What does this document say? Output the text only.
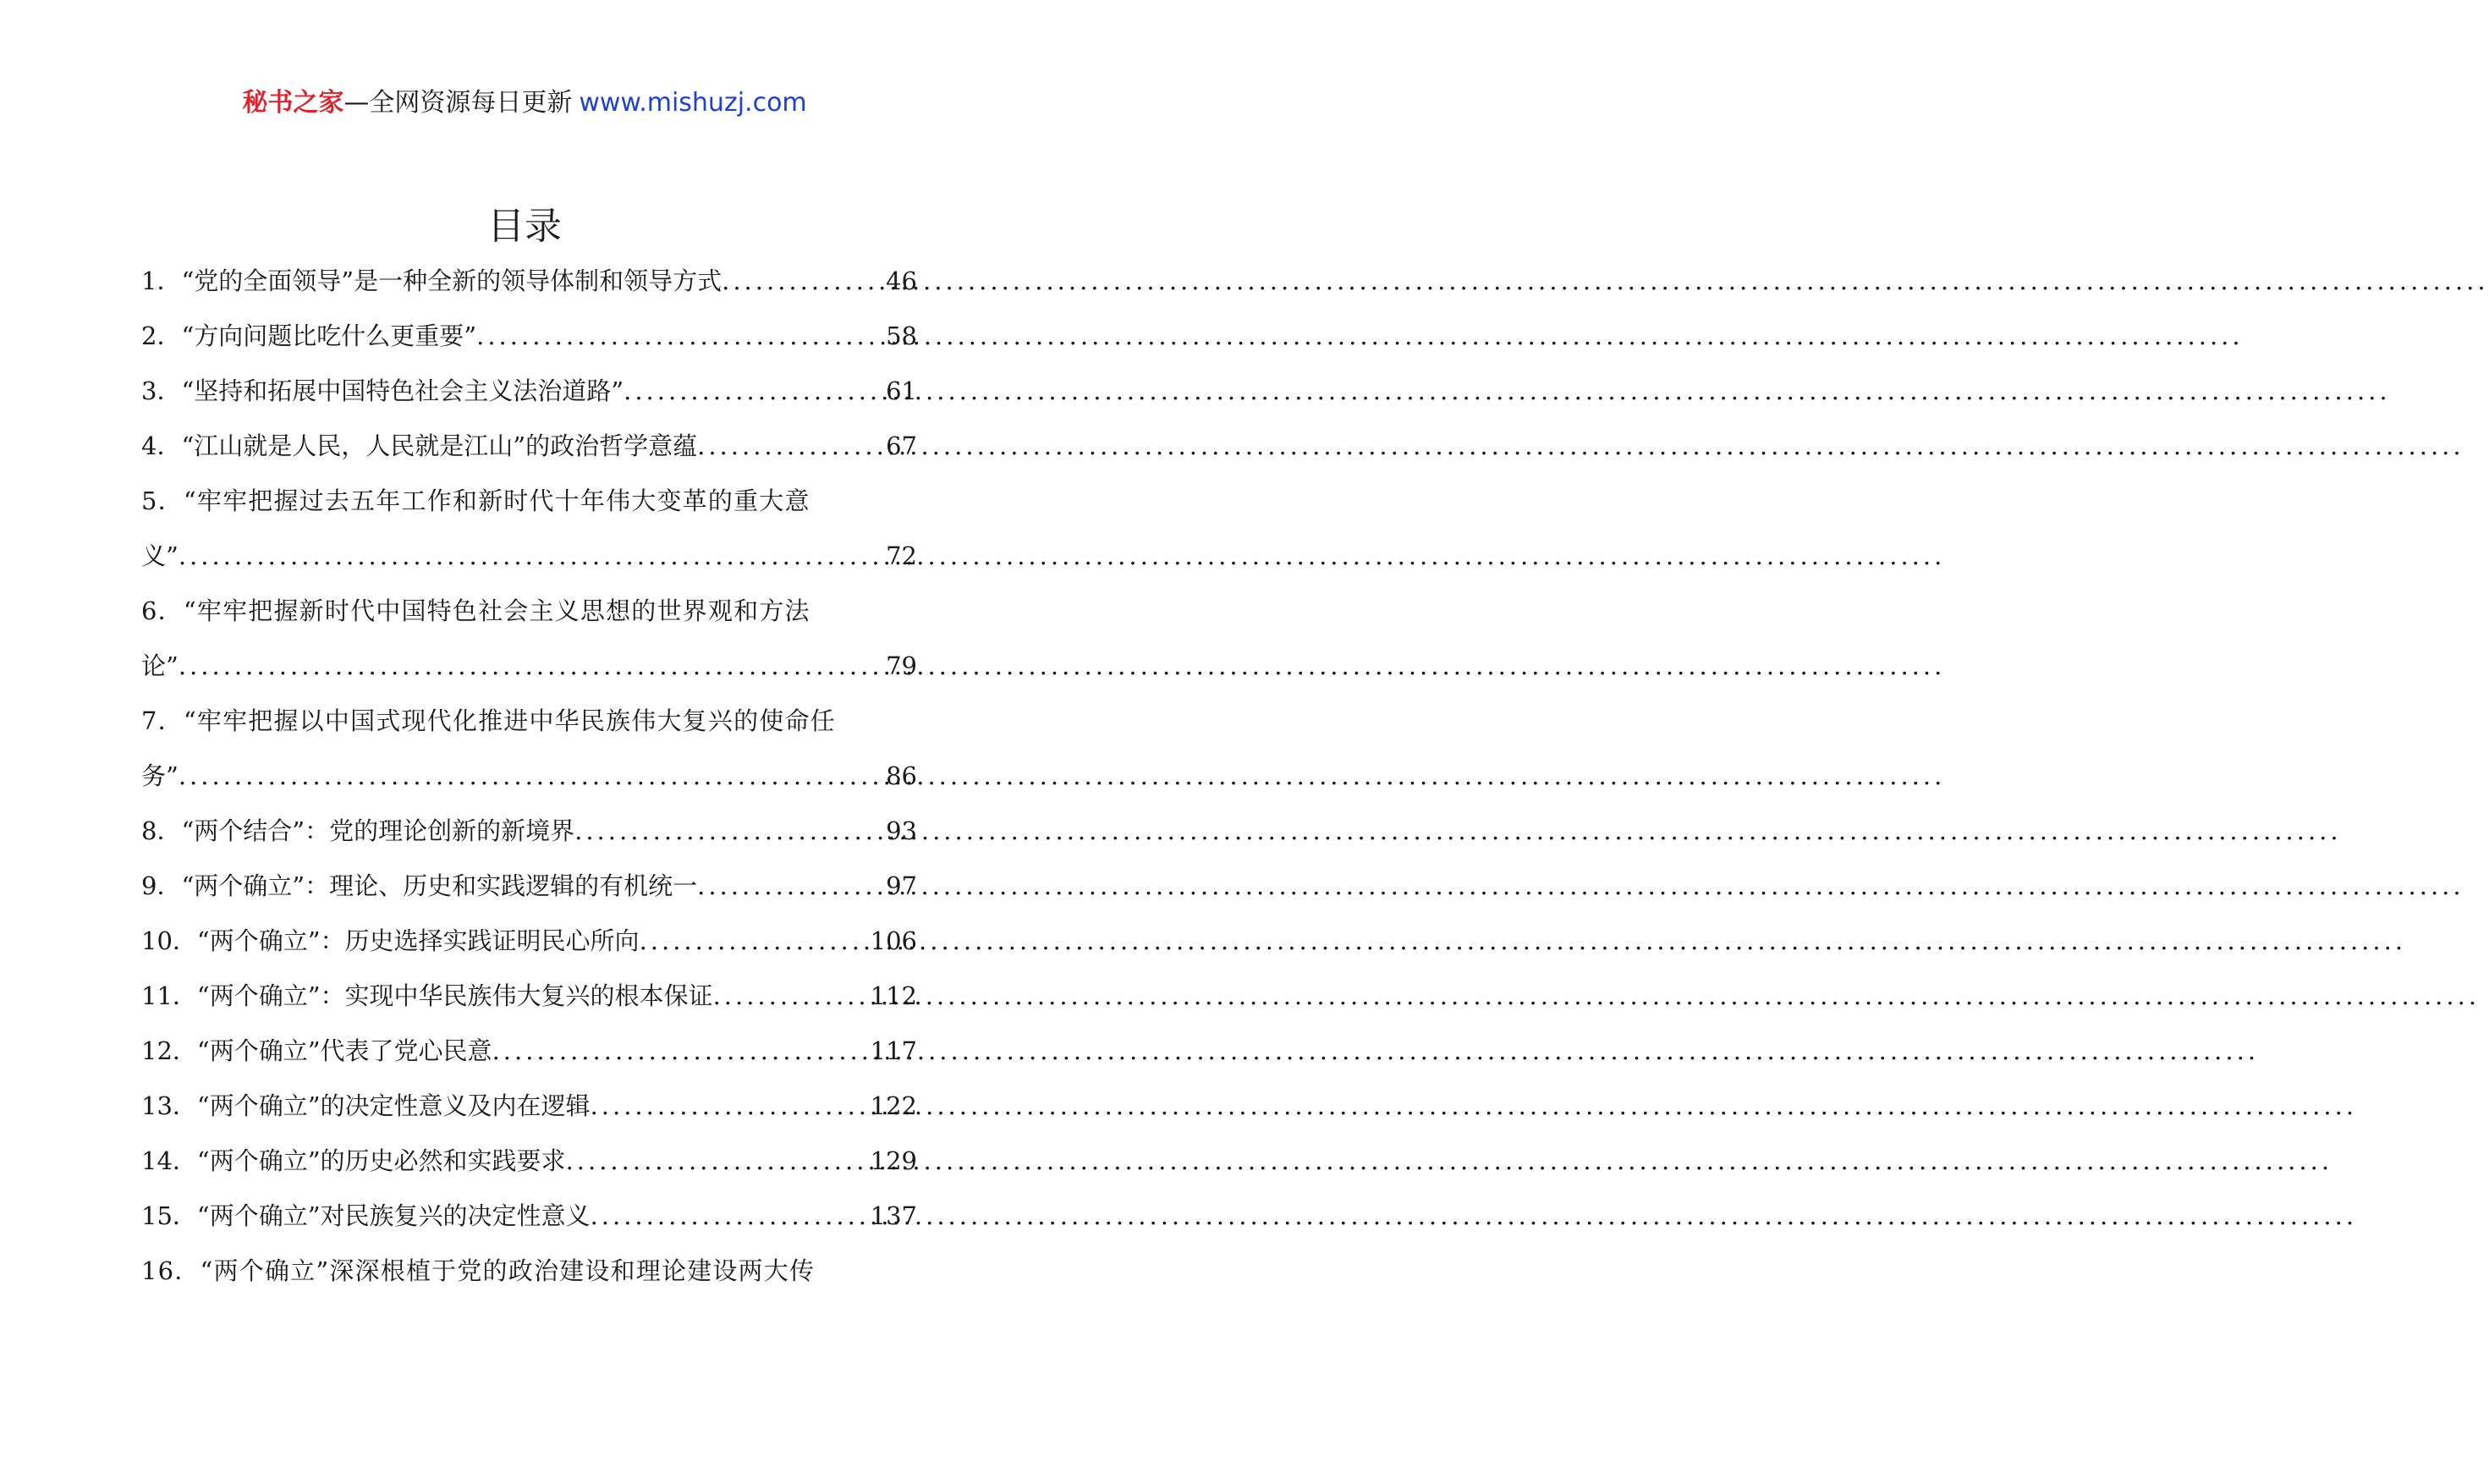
秘书之家—全网资源每日更新 www.mishuzj.com
目录
1．“党的全面领导”是一种全新的领导体制和领导方式 .....	46
2．“方向问题比吃什么更重要” .....	58
3．“坚持和拓展中国特色社会主义法治道路” .....	61
4．“江山就是人民，人民就是江山”的政治哲学意蕴 .....	67
5．“牢牢把握过去五年工作和新时代十年伟大变革的重大意
义” .....	72
6．“牢牢把握新时代中国特色社会主义思想的世界观和方法
论” .....	79
7．“牢牢把握以中国式现代化推进中华民族伟大复兴的使命任
务” .....	86
8．“两个结合”：党的理论创新的新境界 .....	93
9．“两个确立”：理论、历史和实践逻辑的有机统一 .....	97
10．“两个确立”：历史选择实践证明民心所向 .....	106
11．“两个确立”：实现中华民族伟大复兴的根本保证 .....	112
12．“两个确立”代表了党心民意 .....	117
13．“两个确立”的决定性意义及内在逻辑 .....	122
14．“两个确立”的历史必然和实践要求 .....	129
15．“两个确立”对民族复兴的决定性意义 .....	137
16．“两个确立”深深根植于党的政治建设和理论建设两大传
